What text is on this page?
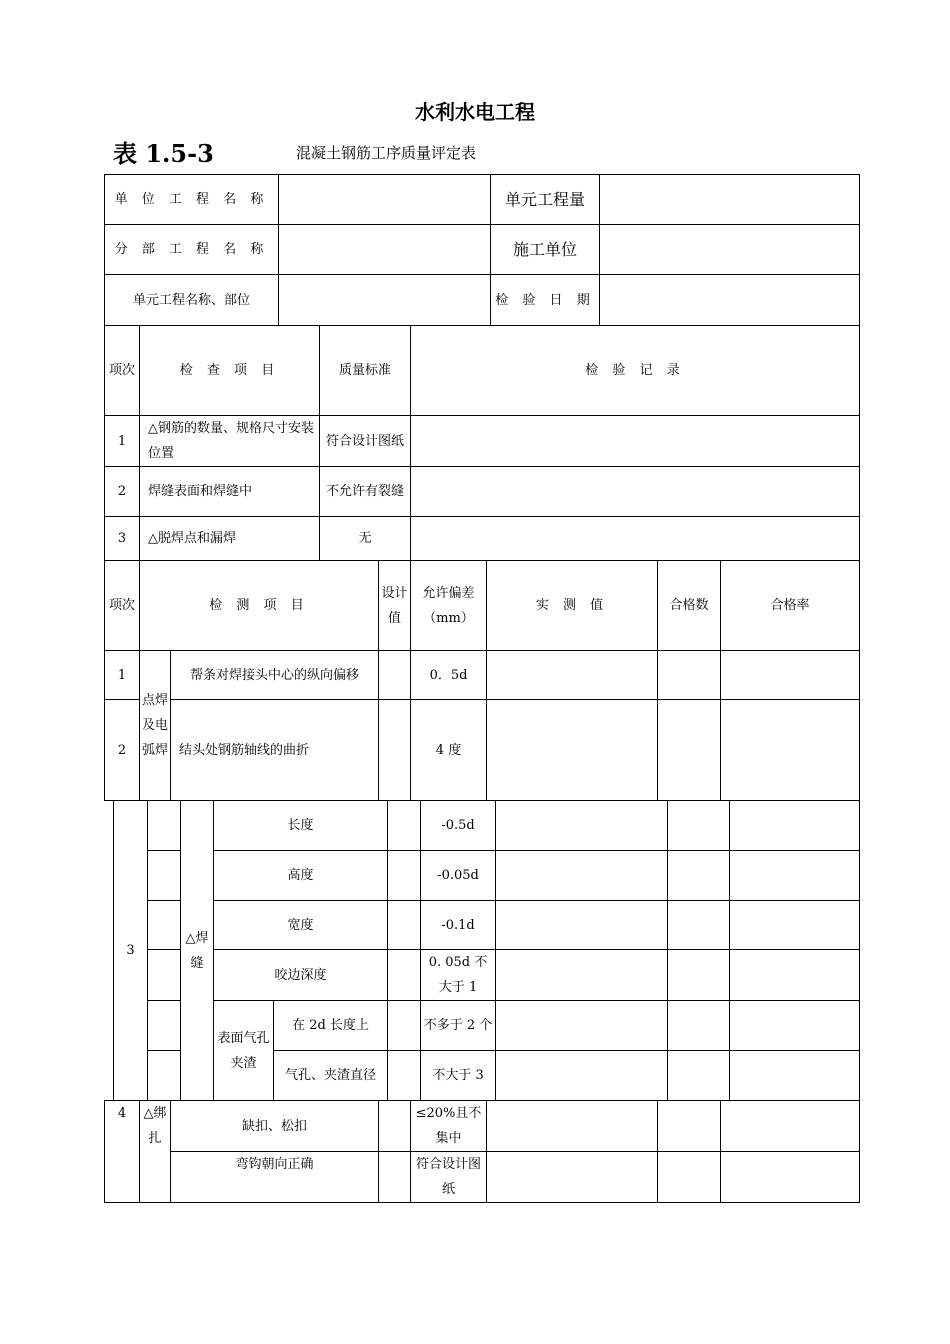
水利水电工程
表 1.5-3	混凝土钢筋工序质量评定表
单 位 工 程 名 称		单元工程量	
分 部 工 程 名 称		施工单位	
单元工程名称、部位		检 验 日 期	
项次	检 查 项 目	质量标准	检 验 记 录
1	△钢筋的数量、规格尺寸安装位置	符合设计图纸	
2	焊缝表面和焊缝中	不允许有裂缝	
3	△脱焊点和漏焊	无	
项次	检 测 项 目		设计值	允许偏差（mm）	实 测 值	合格数	合格率
1	点焊及电弧焊	帮条对焊接头中心的纵向偏移		0．5d			
2		结头处钢筋轴线的曲折		4 度			
3		△焊缝	长度			-0.5d			
			高度			-0.05d			
			宽度			-0.1d			
			咬边深度			0. 05d 不大于 1			
			表面气孔夹渣	在 2d 长度上		不多于 2 个			
				气孔、夹渣直径		不大于 3			
4	△绑扎	缺扣、松扣		≤20%且不集中			
		弯钩朝向正确		符合设计图纸			
